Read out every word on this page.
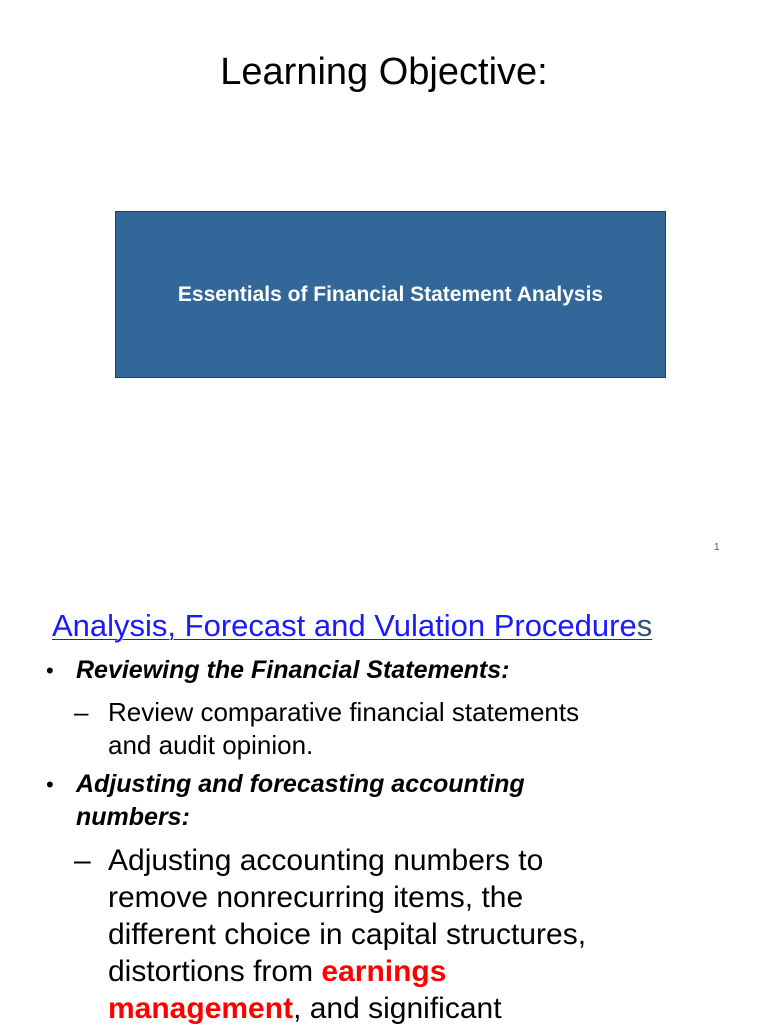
Learning Objective:
Essentials of Financial Statement Analysis
1
Analysis, Forecast and Vulation Procedures
• Reviewing the Financial Statements:
– Review comparative financial statements
and audit opinion.
• Adjusting and forecasting accounting
numbers:
– Adjusting accounting numbers to
remove nonrecurring items, the
different choice in capital structures,
distortions from earnings
management, and significant
